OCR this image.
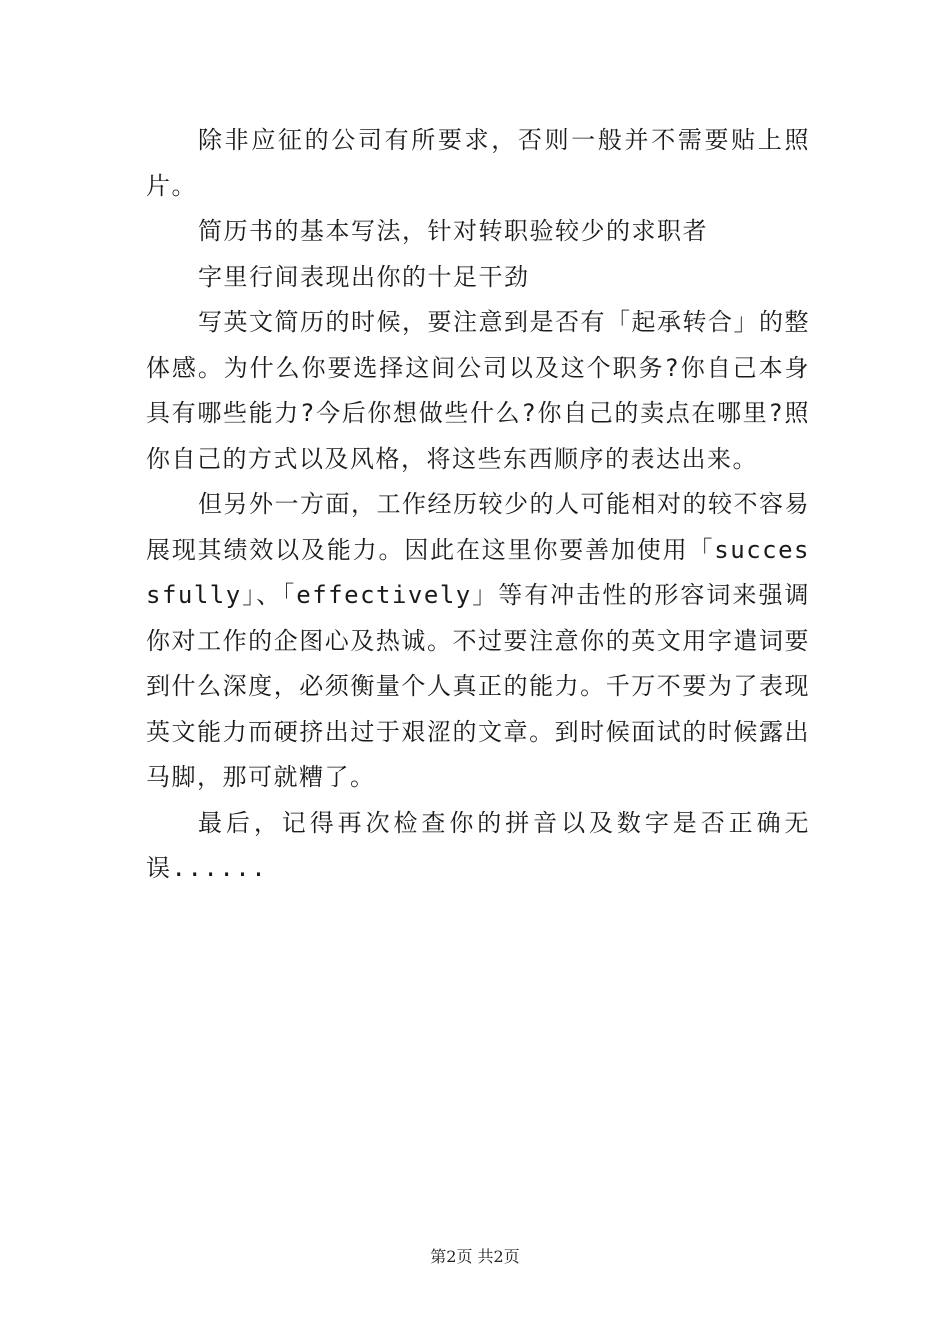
除非应征的公司有所要求，否则一般并不需要贴上照片。

简历书的基本写法，针对转职验较少的求职者

字里行间表现出你的十足干劲

写英文简历的时候，要注意到是否有「起承转合」的整体感。为什么你要选择这间公司以及这个职务?你自己本身具有哪些能力?今后你想做些什么?你自己的卖点在哪里?照你自己的方式以及风格，将这些东西顺序的表达出来。

但另外一方面，工作经历较少的人可能相对的较不容易展现其绩效以及能力。因此在这里你要善加使用「successfully」、「effectively」等有冲击性的形容词来强调你对工作的企图心及热诚。不过要注意你的英文用字遣词要到什么深度，必须衡量个人真正的能力。千万不要为了表现英文能力而硬挤出过于艰涩的文章。到时候面试的时候露出马脚，那可就糟了。

最后，记得再次检查你的拼音以及数字是否正确无误......

第2页 共2页
